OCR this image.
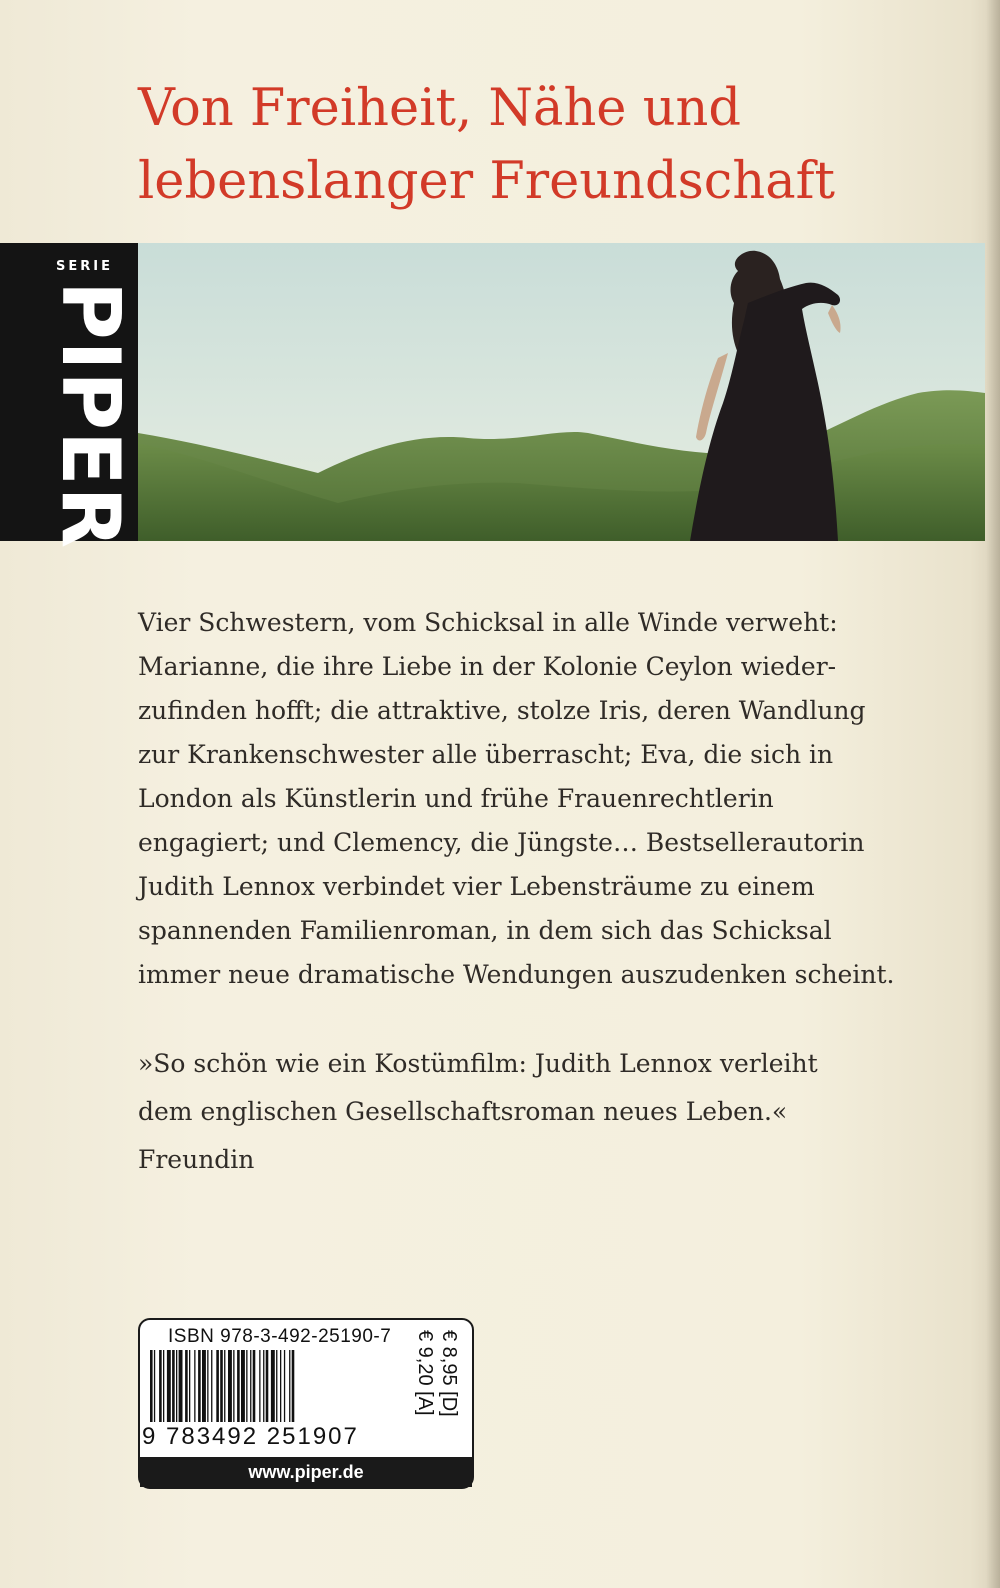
Von Freiheit, Nähe und
lebenslanger Freundschaft
SERIE
PIPER
Vier Schwestern, vom Schicksal in alle Winde verweht:
Marianne, die ihre Liebe in der Kolonie Ceylon wieder-
zufinden hofft; die attraktive, stolze Iris, deren Wandlung
zur Krankenschwester alle überrascht; Eva, die sich in
London als Künstlerin und frühe Frauenrechtlerin
engagiert; und Clemency, die Jüngste… Bestsellerautorin
Judith Lennox verbindet vier Lebensträume zu einem
spannenden Familienroman, in dem sich das Schicksal
immer neue dramatische Wendungen auszudenken scheint.
»So schön wie ein Kostümfilm: Judith Lennox verleiht
dem englischen Gesellschaftsroman neues Leben.«
Freundin
ISBN 978-3-492-25190-7
9 783492 251907
€ 8,95 [D]
€ 9,20 [A]
www.piper.de
